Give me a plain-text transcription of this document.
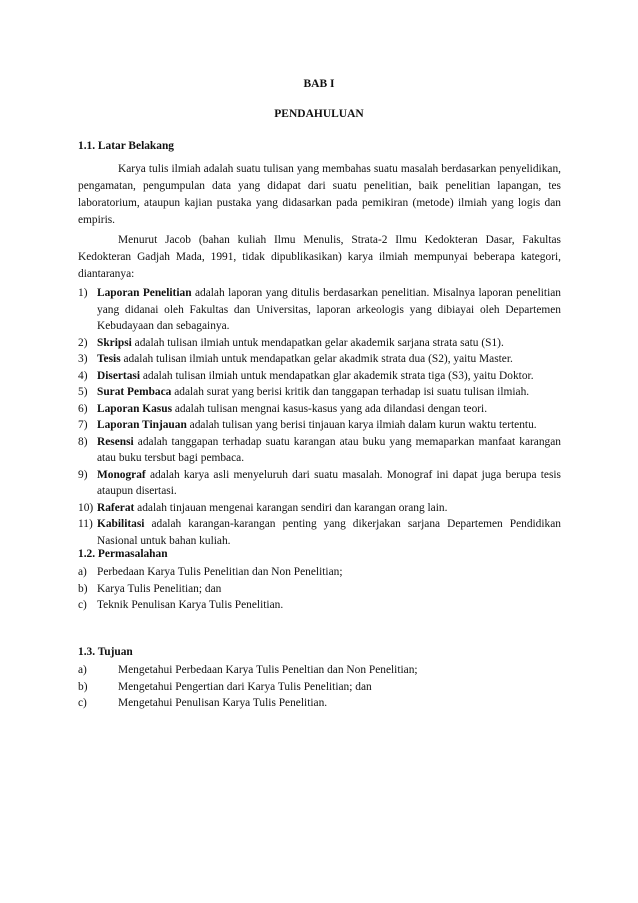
BAB I
PENDAHULUAN
1.1. Latar Belakang

Karya tulis ilmiah adalah suatu tulisan yang membahas suatu masalah berdasarkan penyelidikan, pengamatan, pengumpulan data yang didapat dari suatu penelitian, baik penelitian lapangan, tes laboratorium, ataupun kajian pustaka yang didasarkan pada pemikiran (metode) ilmiah yang logis dan empiris.

Menurut Jacob (bahan kuliah Ilmu Menulis, Strata-2 Ilmu Kedokteran Dasar, Fakultas Kedokteran Gadjah Mada, 1991, tidak dipublikasikan) karya ilmiah mempunyai beberapa kategori, diantaranya:

1) Laporan Penelitian adalah laporan yang ditulis berdasarkan penelitian. Misalnya laporan penelitian yang didanai oleh Fakultas dan Universitas, laporan arkeologis yang dibiayai oleh Departemen Kebudayaan dan sebagainya.
2) Skripsi adalah tulisan ilmiah untuk mendapatkan gelar akademik sarjana strata satu (S1).
3) Tesis adalah tulisan ilmiah untuk mendapatkan gelar akadmik strata dua (S2), yaitu Master.
4) Disertasi adalah tulisan ilmiah untuk mendapatkan glar akademik strata tiga (S3), yaitu Doktor.
5) Surat Pembaca adalah surat yang berisi kritik dan tanggapan terhadap isi suatu tulisan ilmiah.
6) Laporan Kasus adalah tulisan mengnai kasus-kasus yang ada dilandasi dengan teori.
7) Laporan Tinjauan adalah tulisan yang berisi tinjauan karya ilmiah dalam kurun waktu tertentu.
8) Resensi adalah tanggapan terhadap suatu karangan atau buku yang memaparkan manfaat karangan atau buku tersbut bagi pembaca.
9) Monograf adalah karya asli menyeluruh dari suatu masalah. Monograf ini dapat juga berupa tesis ataupun disertasi.
10) Raferat adalah tinjauan mengenai karangan sendiri dan karangan orang lain.
11) Kabilitasi adalah karangan-karangan penting yang dikerjakan sarjana Departemen Pendidikan Nasional untuk bahan kuliah.
1.2. Permasalahan
a) Perbedaan Karya Tulis Penelitian dan Non Penelitian;
b) Karya Tulis Penelitian; dan
c) Teknik Penulisan Karya Tulis Penelitian.
1.3. Tujuan
a)	Mengetahui Perbedaan Karya Tulis Peneltian dan Non Penelitian;
b)	Mengetahui Pengertian dari Karya Tulis Penelitian; dan
c)	Mengetahui Penulisan Karya Tulis Penelitian.
